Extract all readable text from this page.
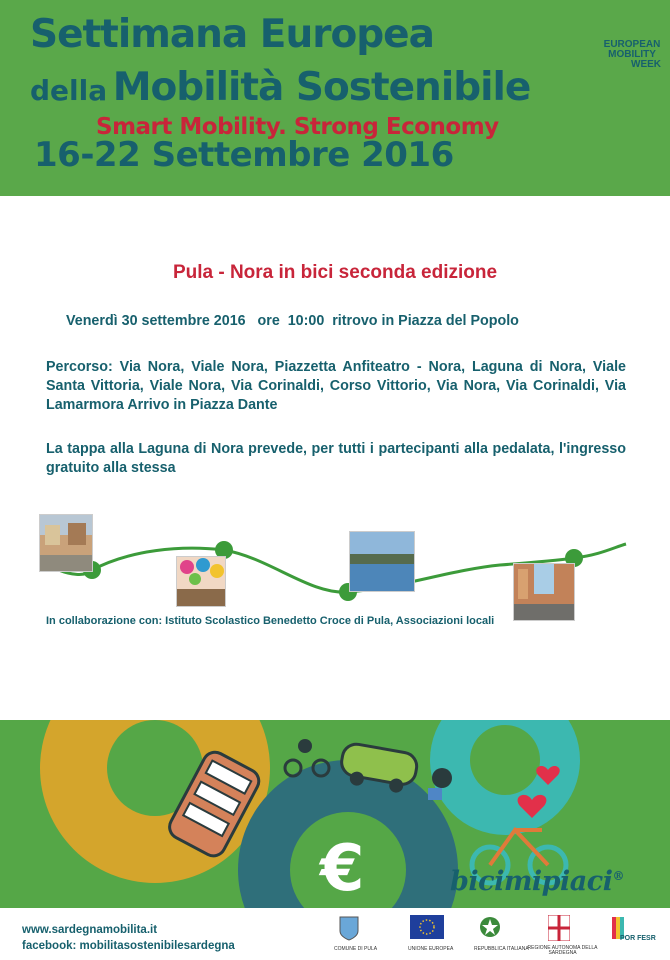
Settimana Europea
della Mobilità Sostenibile
Smart Mobility. Strong Economy
16-22 Settembre 2016
EUROPEAN
MOBILITY
WEEK
Pula - Nora in bici seconda edizione
Venerdì 30 settembre 2016   ore  10:00  ritrovo in Piazza del Popolo
Percorso: Via Nora, Viale Nora, Piazzetta Anfiteatro - Nora, Laguna di Nora, Viale Santa Vittoria, Viale Nora, Via Corinaldi, Corso Vittorio, Via Nora, Via Corinaldi, Via Lamarmora Arrivo in Piazza Dante
La tappa alla Laguna di Nora prevede, per tutti i partecipanti alla pedalata, l'ingresso gratuito alla stessa
In collaborazione con: Istituto Scolastico Benedetto Croce di Pula, Associazioni locali
€	bicimipiaci®
www.sardegnamobilita.it
facebook: mobilitasostenibilesardegna	COMUNE DI PULA	UNIONE EUROPEA	REPUBBLICA ITALIANA
REGIONE AUTONOMA DELLA SARDEGNA
POR FESR
